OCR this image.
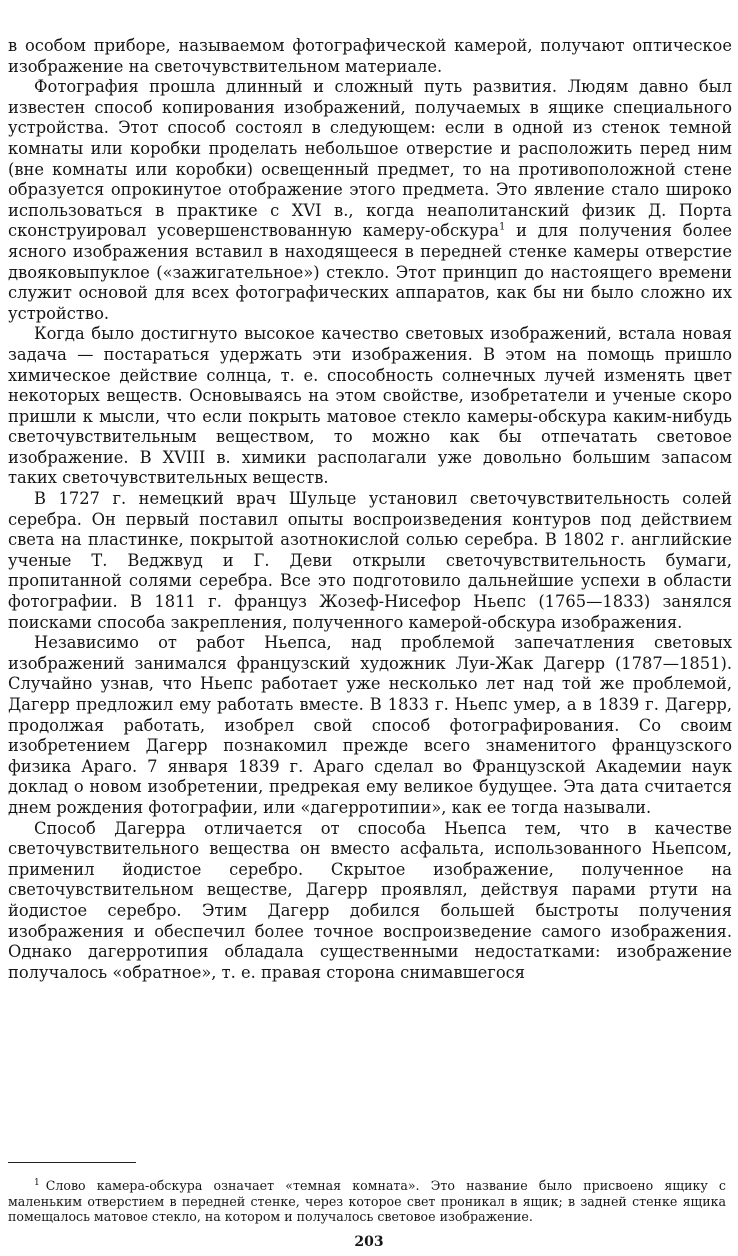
в особом приборе, называемом фотографической камерой, получают оптическое изображение на светочувствительном материале.

Фотография прошла длинный и сложный путь развития. Людям давно был известен способ копирования изображений, получаемых в ящике специального устройства. Этот способ состоял в следующем: если в одной из стенок темной комнаты или коробки проделать небольшое отверстие и расположить перед ним (вне комнаты или коробки) освещенный предмет, то на противоположной стене образуется опрокинутое отображение этого предмета. Это явление стало широко использоваться в практике с XVI в., когда неаполитанский физик Д. Порта сконструировал усовершенствованную камеру-обскура$^1$ и для получения более ясного изображения вставил в находящееся в передней стенке камеры отверстие двояковыпуклое («зажигательное») стекло. Этот принцип до настоящего времени служит основой для всех фотографических аппаратов, как бы ни было сложно их устройство.

Когда было достигнуто высокое качество световых изображений, встала новая задача — постараться удержать эти изображения. В этом на помощь пришло химическое действие солнца, т. е. способность солнечных лучей изменять цвет некоторых веществ. Основываясь на этом свойстве, изобретатели и ученые скоро пришли к мысли, что если покрыть матовое стекло камеры-обскура каким-нибудь светочувствительным веществом, то можно как бы отпечатать световое изображение. В XVIII в. химики располагали уже довольно большим запасом таких светочувствительных веществ.

В 1727 г. немецкий врач Шульце установил светочувствительность солей серебра. Он первый поставил опыты воспроизведения контуров под действием света на пластинке, покрытой азотнокислой солью серебра. В 1802 г. английские ученые Т. Веджвуд и Г. Деви открыли светочувствительность бумаги, пропитанной солями серебра. Все это подготовило дальнейшие успехи в области фотографии. В 1811 г. француз Жозеф-Нисефор Ньепс (1765—1833) занялся поисками способа закрепления, полученного камерой-обскура изображения.

Независимо от работ Ньепса, над проблемой запечатления световых изображений занимался французский художник Луи-Жак Дагерр (1787—1851). Случайно узнав, что Ньепс работает уже несколько лет над той же проблемой, Дагерр предложил ему работать вместе. В 1833 г. Ньепс умер, а в 1839 г. Дагерр, продолжая работать, изобрел свой способ фотографирования. Со своим изобретением Дагерр познакомил прежде всего знаменитого французского физика Араго. 7 января 1839 г. Араго сделал во Французской Академии наук доклад о новом изобретении, предрекая ему великое будущее. Эта дата считается днем рождения фотографии, или «дагерротипии», как ее тогда называли.

Способ Дагерра отличается от способа Ньепса тем, что в качестве светочувствительного вещества он вместо асфальта, использованного Ньепсом, применил йодистое серебро. Скрытое изображение, полученное на светочувствительном веществе, Дагерр проявлял, действуя парами ртути на йодистое серебро. Этим Дагерр добился большей быстроты получения изображения и обеспечил более точное воспроизведение самого изображения. Однако дагерротипия обладала существенными недостатками: изображение получалось «обратное», т. е. правая сторона снимавшегося

$^1$ Слово камера-обскура означает «темная комната». Это название было присвоено ящику с маленьким отверстием в передней стенке, через которое свет проникал в ящик; в задней стенке ящика помещалось матовое стекло, на котором и получалось световое изображение.

203
